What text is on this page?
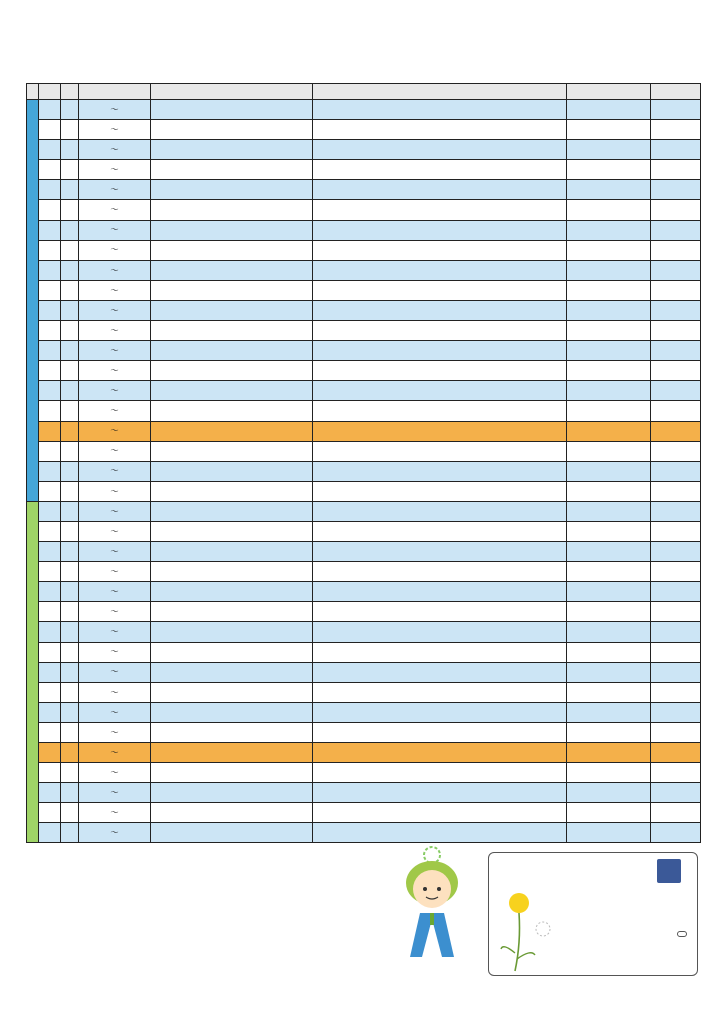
				～					
				～					
				～					
				～					
				～					
				～					
				～					
				～					
				～					
				～					
				～					
				～					
				～					
				～					
				～					
				～					
				～					
				～					
				～					
				～					
				～					
				～					
				～					
				～					
				～					
				～					
				～					
				～					
				～					
				～					
				～					
				～					
				～					
				～					
				～					
				～					
				～					
